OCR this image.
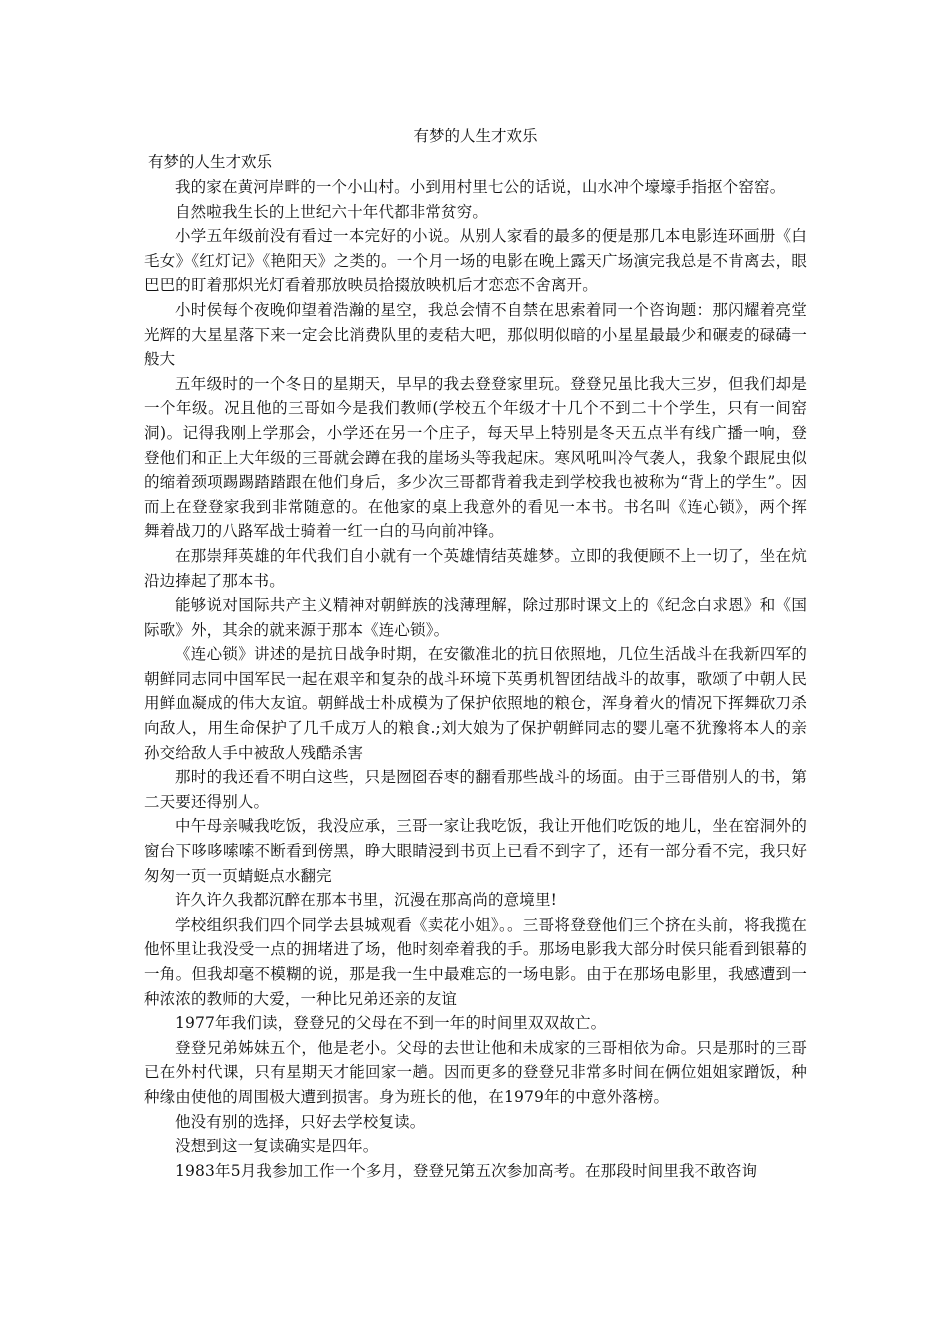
有梦的人生才欢乐

有梦的人生才欢乐

我的家在黄河岸畔的一个小山村。小到用村里七公的话说，山水冲个壕壕手指抠个窑窑。

自然啦我生长的上世纪六十年代都非常贫穷。

小学五年级前没有看过一本完好的小说。从别人家看的最多的便是那几本电影连环画册《白毛女》《红灯记》《艳阳天》之类的。一个月一场的电影在晚上露天广场演完我总是不肯离去，眼巴巴的盯着那炽光灯看着那放映员拾掇放映机后才恋恋不舍离开。

小时侯每个夜晚仰望着浩瀚的星空，我总会情不自禁在思索着同一个咨询题：那闪耀着亮堂光辉的大星星落下来一定会比消费队里的麦秸大吧，那似明似暗的小星星最最少和碾麦的碌碡一般大

五年级时的一个冬日的星期天，早早的我去登登家里玩。登登兄虽比我大三岁，但我们却是一个年级。况且他的三哥如今是我们教师(学校五个年级才十几个不到二十个学生，只有一间窑洞)。记得我刚上学那会，小学还在另一个庄子，每天早上特别是冬天五点半有线广播一响，登登他们和正上大年级的三哥就会蹲在我的崖场头等我起床。寒风吼叫冷气袭人，我象个跟屁虫似的缩着颈项踢踢踏踏跟在他们身后，多少次三哥都背着我走到学校我也被称为“背上的学生”。因而上在登登家我到非常随意的。在他家的桌上我意外的看见一本书。书名叫《连心锁》，两个挥舞着战刀的八路军战士骑着一红一白的马向前冲锋。

在那崇拜英雄的年代我们自小就有一个英雄情结英雄梦。立即的我便顾不上一切了，坐在炕沿边捧起了那本书。

能够说对国际共产主义精神对朝鲜族的浅薄理解，除过那时课文上的《纪念白求恩》和《国际歌》外，其余的就来源于那本《连心锁》。

《连心锁》讲述的是抗日战争时期，在安徽准北的抗日依照地，几位生活战斗在我新四军的朝鲜同志同中国军民一起在艰辛和复杂的战斗环境下英勇机智团结战斗的故事，歌颂了中朝人民用鲜血凝成的伟大友谊。朝鲜战士朴成模为了保护依照地的粮仓，浑身着火的情况下挥舞砍刀杀向敌人，用生命保护了几千成万人的粮食.;刘大娘为了保护朝鲜同志的婴儿毫不犹豫将本人的亲孙交给敌人手中被敌人残酷杀害

那时的我还看不明白这些，只是囫囵吞枣的翻看那些战斗的场面。由于三哥借别人的书，第二天要还得别人。

中午母亲喊我吃饭，我没应承，三哥一家让我吃饭，我让开他们吃饭的地儿，坐在窑洞外的窗台下哆哆嗦嗦不断看到傍黑，睁大眼睛浸到书页上已看不到字了，还有一部分看不完，我只好匆匆一页一页蜻蜓点水翻完

许久许久我都沉醉在那本书里，沉漫在那高尚的意境里!

学校组织我们四个同学去县城观看《卖花小姐》。。三哥将登登他们三个挤在头前，将我揽在他怀里让我没受一点的拥堵进了场，他时刻牵着我的手。那场电影我大部分时侯只能看到银幕的一角。但我却毫不模糊的说，那是我一生中最难忘的一场电影。由于在那场电影里，我感遭到一种浓浓的教师的大爱，一种比兄弟还亲的友谊

1977年我们读，登登兄的父母在不到一年的时间里双双故亡。

登登兄弟姊妹五个，他是老小。父母的去世让他和未成家的三哥相依为命。只是那时的三哥已在外村代课，只有星期天才能回家一趟。因而更多的登登兄非常多时间在俩位姐姐家蹭饭，种种缘由使他的周围极大遭到损害。身为班长的他，在1979年的中意外落榜。

他没有别的选择，只好去学校复读。

没想到这一复读确实是四年。

1983年5月我参加工作一个多月，登登兄第五次参加高考。在那段时间里我不敢咨询
